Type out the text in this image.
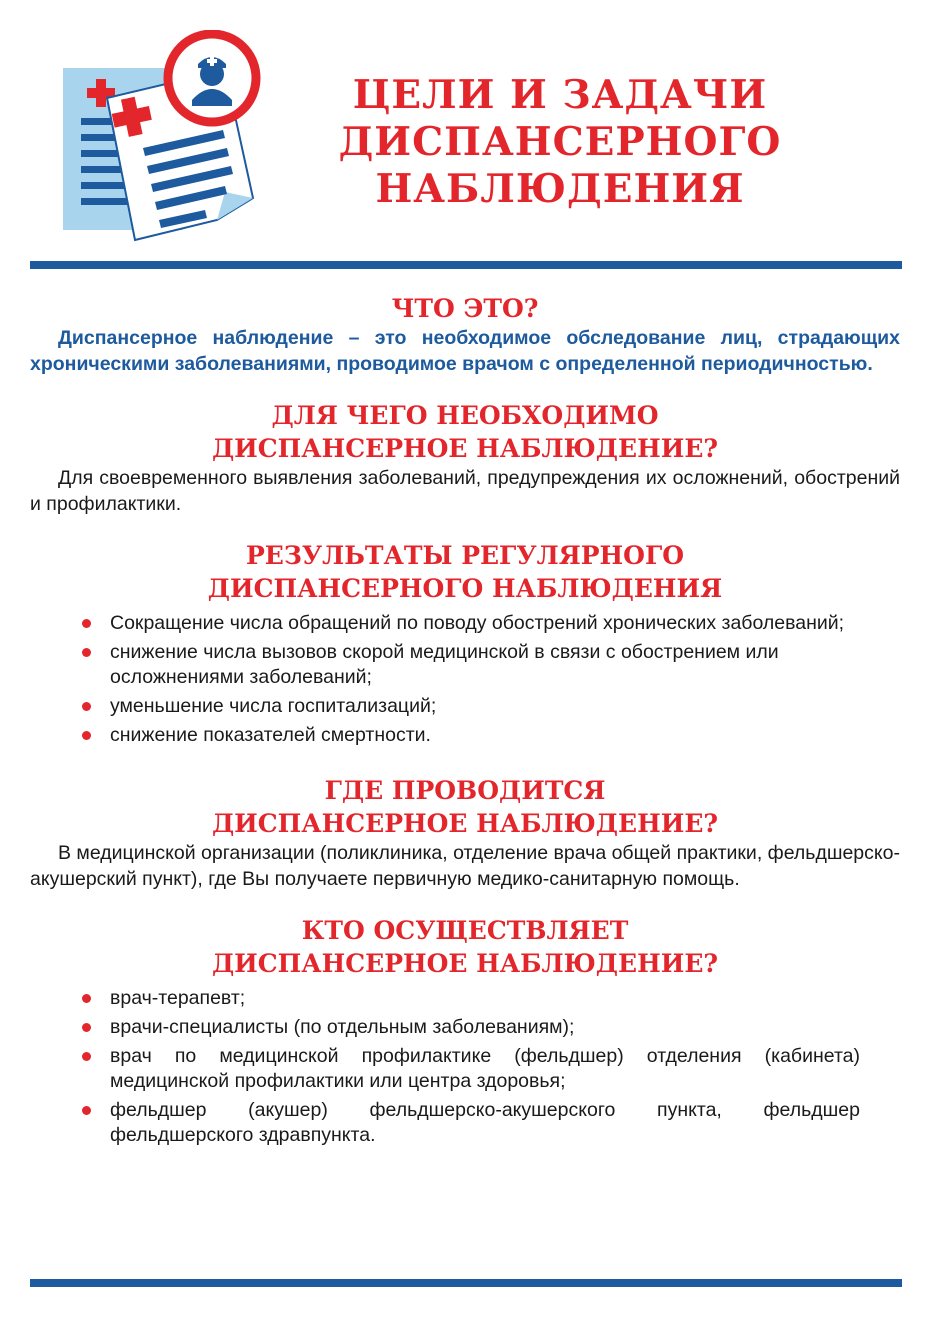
ЦЕЛИ И ЗАДАЧИ
ДИСПАНСЕРНОГО
НАБЛЮДЕНИЯ
ЧТО ЭТО?

Диспансерное наблюдение – это необходимое обследование лиц, страдающих хроническими заболеваниями, проводимое врачом с определенной периодичностью.

ДЛЯ ЧЕГО НЕОБХОДИМО
ДИСПАНСЕРНОЕ НАБЛЮДЕНИЕ?

Для своевременного выявления заболеваний, предупреждения их осложнений, обострений и профилактики.

РЕЗУЛЬТАТЫ РЕГУЛЯРНОГО
ДИСПАНСЕРНОГО НАБЛЮДЕНИЯ
Сокращение числа обращений по поводу обострений хронических заболеваний;
снижение числа вызовов скорой медицинской в связи с обострением или осложнениями заболеваний;
уменьшение числа госпитализаций;
снижение показателей смертности.
ГДЕ ПРОВОДИТСЯ
ДИСПАНСЕРНОЕ НАБЛЮДЕНИЕ?

В медицинской организации (поликлиника, отделение врача общей практики, фельдшерско-акушерский пункт), где Вы получаете первичную медико-санитарную помощь.

КТО ОСУЩЕСТВЛЯЕТ
ДИСПАНСЕРНОЕ НАБЛЮДЕНИЕ?
врач-терапевт;
врачи-специалисты (по отдельным заболеваниям);
врач по медицинской профилактике (фельдшер) отделения (кабинета) медицинской профилактики или центра здоровья;
фельдшер (акушер) фельдшерско-акушерского пункта, фельдшер фельдшерского здравпункта.
